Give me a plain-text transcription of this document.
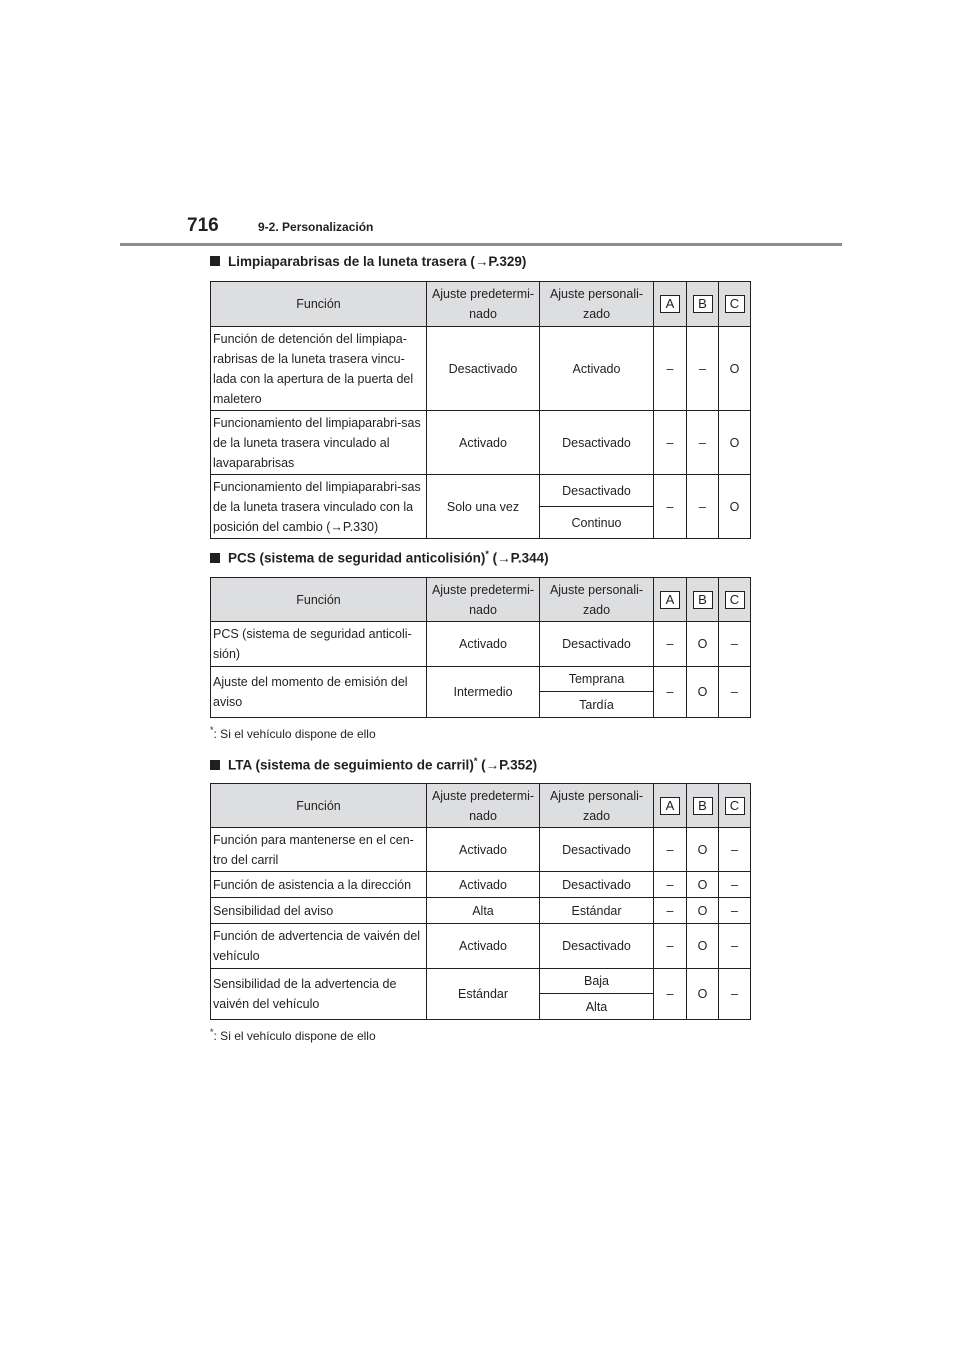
716	9-2. Personalización
Limpiaparabrisas de la luneta trasera (→P.329)
Función	Ajuste predetermi-nado	Ajuste personali-zado	A	B	C
Función de detención del limpiapa-rabrisas de la luneta trasera vincu-lada con la apertura de la puerta del maletero	Desactivado	Activado	–	–	O
Funcionamiento del limpiaparabri-sas de la luneta trasera vinculado al lavaparabrisas	Activado	Desactivado	–	–	O
Funcionamiento del limpiaparabri-sas de la luneta trasera vinculado con la posición del cambio (→P.330)	Solo una vez	Desactivado	–	–	O
		Continuo			
PCS (sistema de seguridad anticolisión)* (→P.344)
Función	Ajuste predetermi-nado	Ajuste personali-zado	A	B	C
PCS (sistema de seguridad anticoli-sión)	Activado	Desactivado	–	O	–
Ajuste del momento de emisión del aviso	Intermedio	Temprana	–	O	–
		Tardía			
*: Si el vehículo dispone de ello
LTA (sistema de seguimiento de carril)* (→P.352)
Función	Ajuste predetermi-nado	Ajuste personali-zado	A	B	C
Función para mantenerse en el cen-tro del carril	Activado	Desactivado	–	O	–
Función de asistencia a la dirección	Activado	Desactivado	–	O	–
Sensibilidad del aviso	Alta	Estándar	–	O	–
Función de advertencia de vaivén del vehículo	Activado	Desactivado	–	O	–
Sensibilidad de la advertencia de vaivén del vehículo	Estándar	Baja	–	O	–
		Alta			
*: Si el vehículo dispone de ello
